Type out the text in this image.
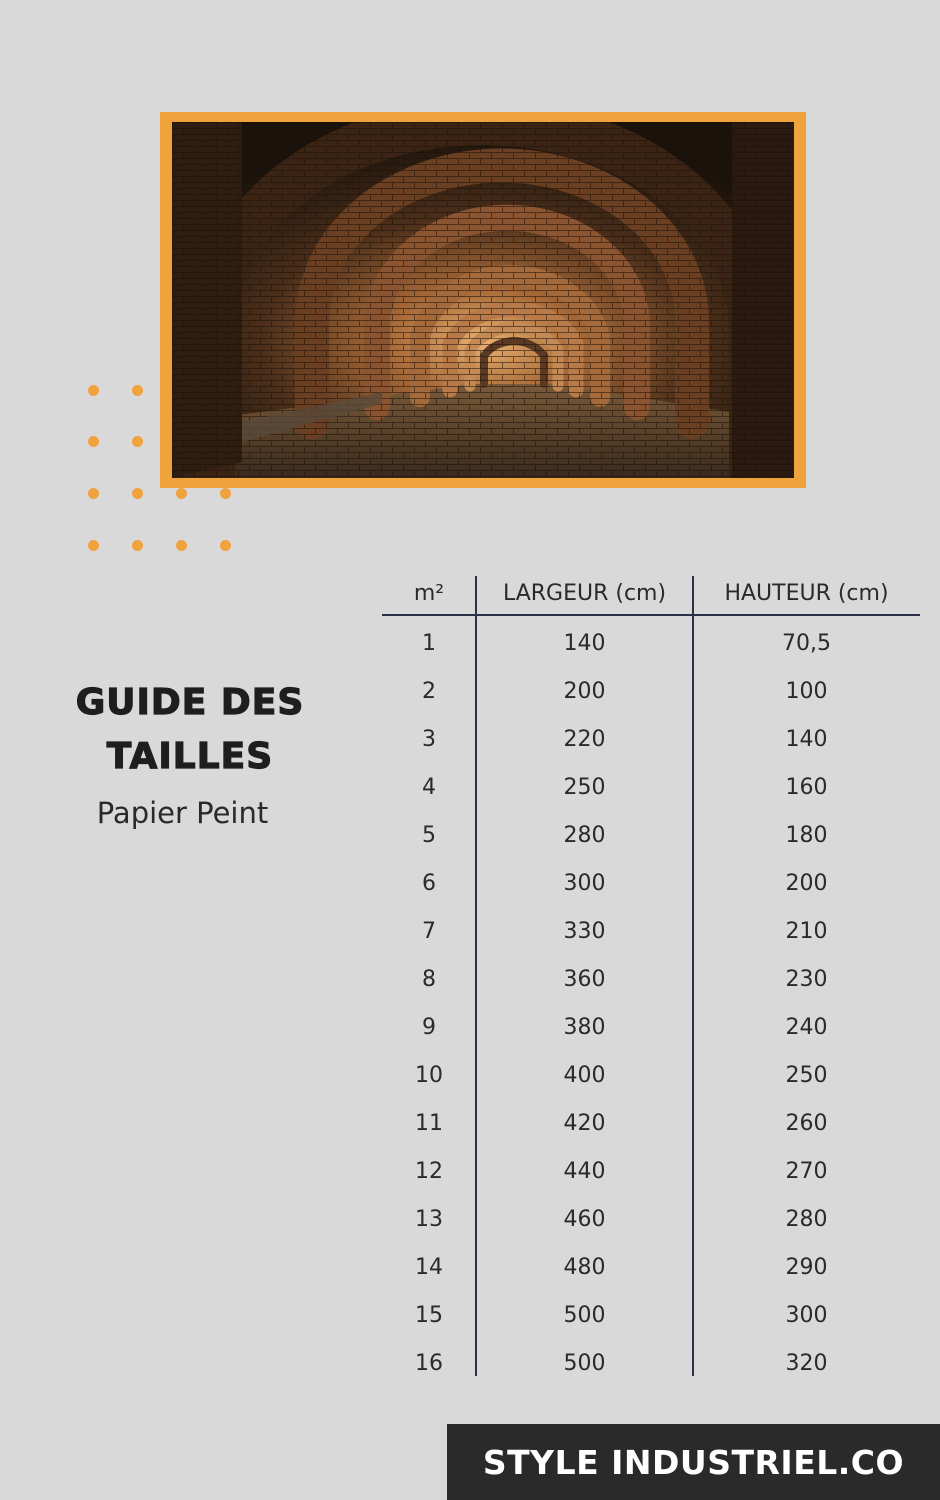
GUIDE DES
TAILLES
Papier Peint
m²	LARGEUR (cm)	HAUTEUR (cm)
1	140	70,5
2	200	100
3	220	140
4	250	160
5	280	180
6	300	200
7	330	210
8	360	230
9	380	240
10	400	250
11	420	260
12	440	270
13	460	280
14	480	290
15	500	300
16	500	320
STYLE INDUSTRIEL.CO
